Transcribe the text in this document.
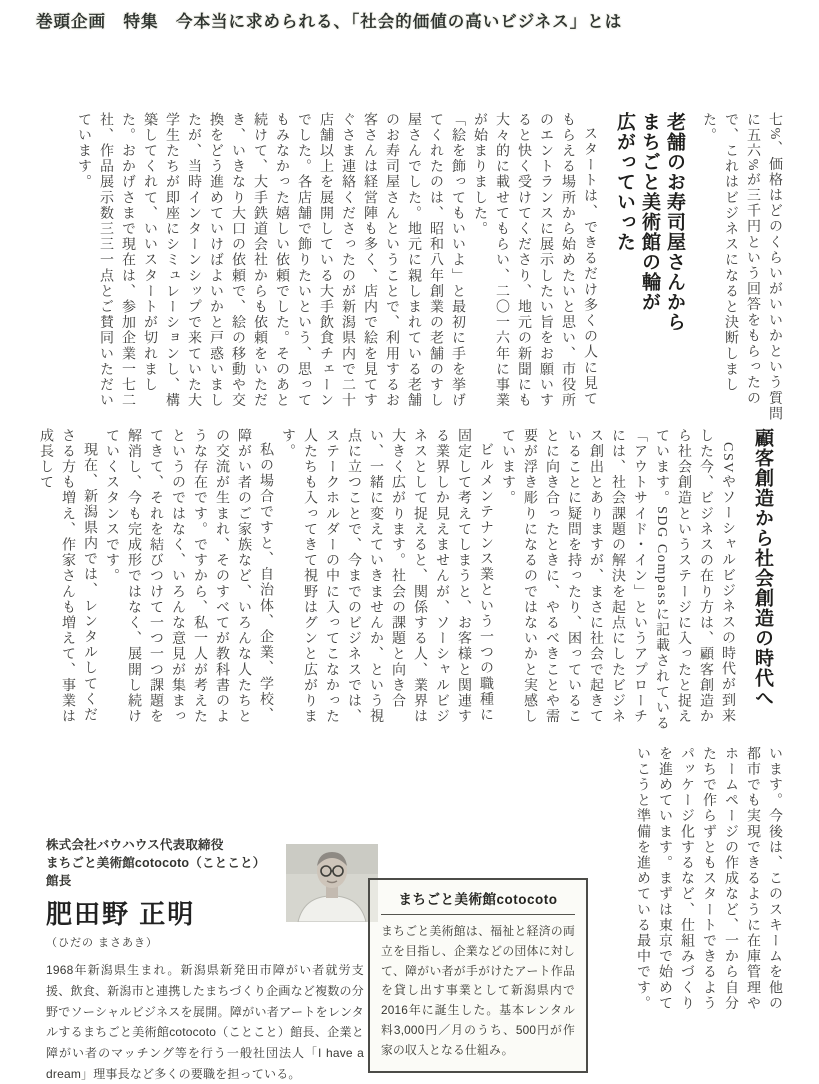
巻頭企画　特集　今本当に求められる、「社会的価値の高いビジネス」とは

七%、価格はどのくらいがいいかという質問に五六%が三千円という回答をもらったので、これはビジネスになると決断しました。

老舗のお寿司屋さんから
まちごと美術館の輪が
広がっていった

スタートは、できるだけ多くの人に見てもらえる場所から始めたいと思い、市役所のエントランスに展示したい旨をお願いすると快く受けてくださり、地元の新聞にも大々的に載せてもらい、二〇一六年に事業が始まりました。

「絵を飾ってもいいよ」と最初に手を挙げてくれたのは、昭和八年創業の老舗のすし屋さんでした。地元に親しまれている老舗のお寿司屋さんということで、利用するお客さんは経営陣も多く、店内で絵を見てすぐさま連絡くださったのが新潟県内で二十店舗以上を展開している大手飲食チェーンでした。各店舗で飾りたいという、思ってもみなかった嬉しい依頼でした。そのあと続けて、大手鉄道会社からも依頼をいただき、いきなり大口の依頼で、絵の移動や交換をどう進めていけばよいかと戸惑いましたが、当時インターンシップで来ていた大学生たちが即座にシミュレーションし、構築してくれて、いいスタートが切れました。おかげさまで現在は、参加企業一七二社、作品展示数三三一点とご賛同いただいています。

顧客創造から社会創造の時代へ

CSVやソーシャルビジネスの時代が到来した今、ビジネスの在り方は、顧客創造から社会創造というステージに入ったと捉えています。SDG Compassに記載されている「アウトサイド・イン」というアプローチには、社会課題の解決を起点にしたビジネス創出とありますが、まさに社会で起きていることに疑問を持ったり、困っていることに向き合ったときに、やるべきことや需要が浮き彫りになるのではないかと実感しています。

ビルメンテナンス業という一つの職種に固定して考えてしまうと、お客様と関連する業界しか見えませんが、ソーシャルビジネスとして捉えると、関係する人、業界は大きく広がります。社会の課題と向き合い、一緒に変えていきませんか、という視点に立つことで、今までのビジネスでは、ステークホルダーの中に入ってこなかった人たちも入ってきて視野はグンと広がります。

私の場合ですと、自治体、企業、学校、障がい者のご家族など、いろんな人たちとの交流が生まれ、そのすべてが教科書のような存在です。ですから、私一人が考えたというのではなく、いろんな意見が集まってきて、それを結びつけて一つ一つ課題を解消し、今も完成形ではなく、展開し続けていくスタンスです。

現在、新潟県内では、レンタルしてくださる方も増え、作家さんも増えて、事業は成長して

います。今後は、このスキームを他の都市でも実現できるように在庫管理やホームページの作成など、一から自分たちで作らずともスタートできるようパッケージ化するなど、仕組みづくりを進めています。まずは東京で始めていこうと準備を進めている最中です。

株式会社バウハウス代表取締役
まちごと美術館cotocoto（ことこと）
館長
肥田野 正明
（ひだの まさあき）
1968年新潟県生まれ。新潟県新発田市障がい者就労支援、飲食、新潟市と連携したまちづくり企画など複数の分野でソーシャルビジネスを展開。障がい者アートをレンタルするまちごと美術館cotocoto（ことこと）館長、企業と障がい者のマッチング等を行う一般社団法人「I have a dream」理事長など多くの要職を担っている。
まちごと美術館cotocoto
まちごと美術館は、福祉と経済の両立を目指し、企業などの団体に対して、障がい者が手がけたアート作品を貸し出す事業として新潟県内で2016年に誕生した。基本レンタル料3,000円／月のうち、500円が作家の収入となる仕組み。
